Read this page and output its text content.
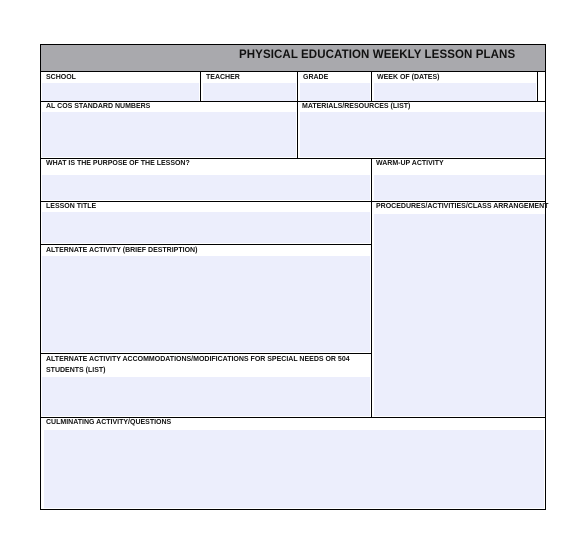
PHYSICAL EDUCATION WEEKLY LESSON PLANS
SCHOOL	TEACHER	GRADE	WEEK OF (DATES)
AL COS STANDARD NUMBERS	MATERIALS/RESOURCES (LIST)
WHAT IS THE PURPOSE OF THE LESSON?	WARM-UP ACTIVITY
PROCEDURES/ACTIVITIES/CLASS ARRANGEMENT
LESSON TITLE
ALTERNATE ACTIVITY (BRIEF DESTRIPTION)
ALTERNATE ACTIVITY ACCOMMODATIONS/MODIFICATIONS FOR SPECIAL NEEDS OR 504
STUDENTS (LIST)
CULMINATING ACTIVITY/QUESTIONS
